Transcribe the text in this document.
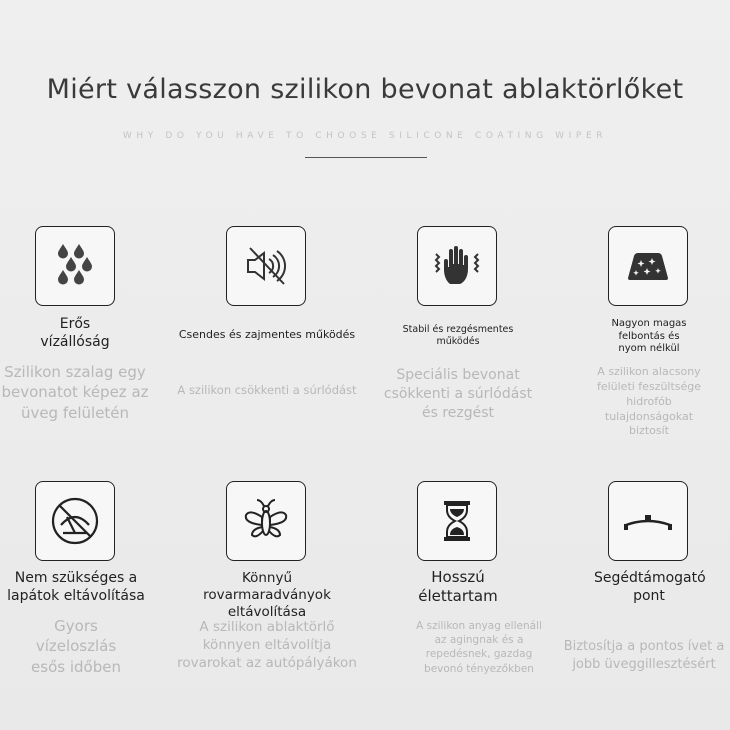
Miért válasszon szilikon bevonat ablaktörlőket
WHY DO YOU HAVE TO CHOOSE SILICONE COATING WIPER
Erős vízállóság
Szilikon szalag egy bevonatot képez az üveg felületén
Csendes és zajmentes működés
A szilikon csökkenti a súrlódást
Stabil és rezgésmentes működés
Speciális bevonat csökkenti a súrlódást és rezgést
Nagyon magas felbontás és nyom nélkül
A szilikon alacsony felületi feszültsége hidrofób tulajdonságokat biztosít
Nem szükséges a lapátok eltávolítása
Gyors vízeloszlás esős időben
Könnyű rovarmaradványok eltávolítása
A szilikon ablaktörlő könnyen eltávolítja rovarokat az autópályákon
Hosszú élettartam
A szilikon anyag ellenáll az agingnak és a repedésnek, gazdag bevonó tényezőkben
Segédtámogató pont
Biztosítja a pontos ívet a jobb üveggillesztésért
